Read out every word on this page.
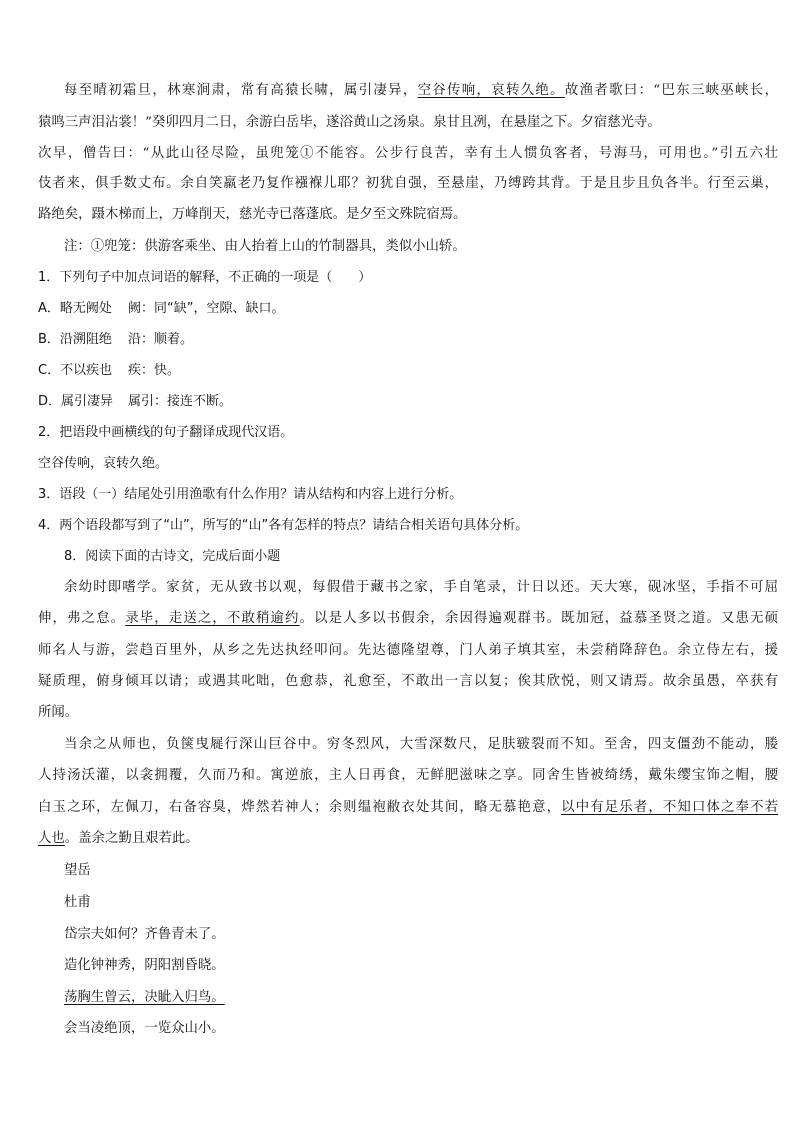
每至晴初霜旦，林寒涧肃，常有高猿长啸，属引凄异，空谷传响，哀转久绝。故渔者歌曰：“巴东三峡巫峡长，
猿鸣三声泪沾裳！”癸卯四月二日，余游白岳毕，遂浴黄山之汤泉。泉甘且冽，在悬崖之下。夕宿慈光寺。
次早，僧告曰：“从此山径尽险，虽兜笼①不能容。公步行良苦，幸有土人惯负客者，号海马，可用也。”引五六壮
伎者来，俱手数丈布。余自笑羸老乃复作襁褓儿耶？初犹自强，至悬崖，乃缚跨其背。于是且步且负各半。行至云巢，
路绝矣，蹑木梯而上，万峰削天，慈光寺已落蓬底。是夕至文殊院宿焉。
注：①兜笼：供游客乘坐、由人抬着上山的竹制器具，类似小山轿。
1．下列句子中加点词语的解释，不正确的一项是（　　）
A．略无阙处 阙：同“缺”，空隙、缺口。
B．沿溯阻绝 沿：顺着。
C．不以疾也 疾：快。
D．属引凄异 属引：接连不断。
2．把语段中画横线的句子翻译成现代汉语。
空谷传响，哀转久绝。
3．语段（一）结尾处引用渔歌有什么作用？请从结构和内容上进行分析。
4．两个语段都写到了“山”，所写的“山”各有怎样的特点？请结合相关语句具体分析。
8．阅读下面的古诗文，完成后面小题
余幼时即嗜学。家贫，无从致书以观，每假借于藏书之家，手自笔录，计日以还。天大寒，砚冰坚，手指不可屈
伸，弗之怠。录毕，走送之，不敢稍逾约。以是人多以书假余，余因得遍观群书。既加冠，益慕圣贤之道。又患无硕
师名人与游，尝趋百里外，从乡之先达执经叩问。先达德隆望尊，门人弟子填其室，未尝稍降辞色。余立侍左右，援
疑质理，俯身倾耳以请；或遇其叱咄，色愈恭，礼愈至，不敢出一言以复；俟其欣悦，则又请焉。故余虽愚，卒获有
所闻。
当余之从师也，负箧曳屣行深山巨谷中。穷冬烈风，大雪深数尺，足肤皲裂而不知。至舍，四支僵劲不能动，媵
人持汤沃灌，以衾拥覆，久而乃和。寓逆旅，主人日再食，无鲜肥滋味之享。同舍生皆被绮绣，戴朱缨宝饰之帽，腰
白玉之环，左佩刀，右备容臭，烨然若神人；余则缊袍敝衣处其间，略无慕艳意，以中有足乐者，不知口体之奉不若
人也。盖余之勤且艰若此。
望岳
杜甫
岱宗夫如何？齐鲁青未了。
造化钟神秀，阴阳割昏晓。
荡胸生曾云，决眦入归鸟。
会当凌绝顶，一览众山小。
